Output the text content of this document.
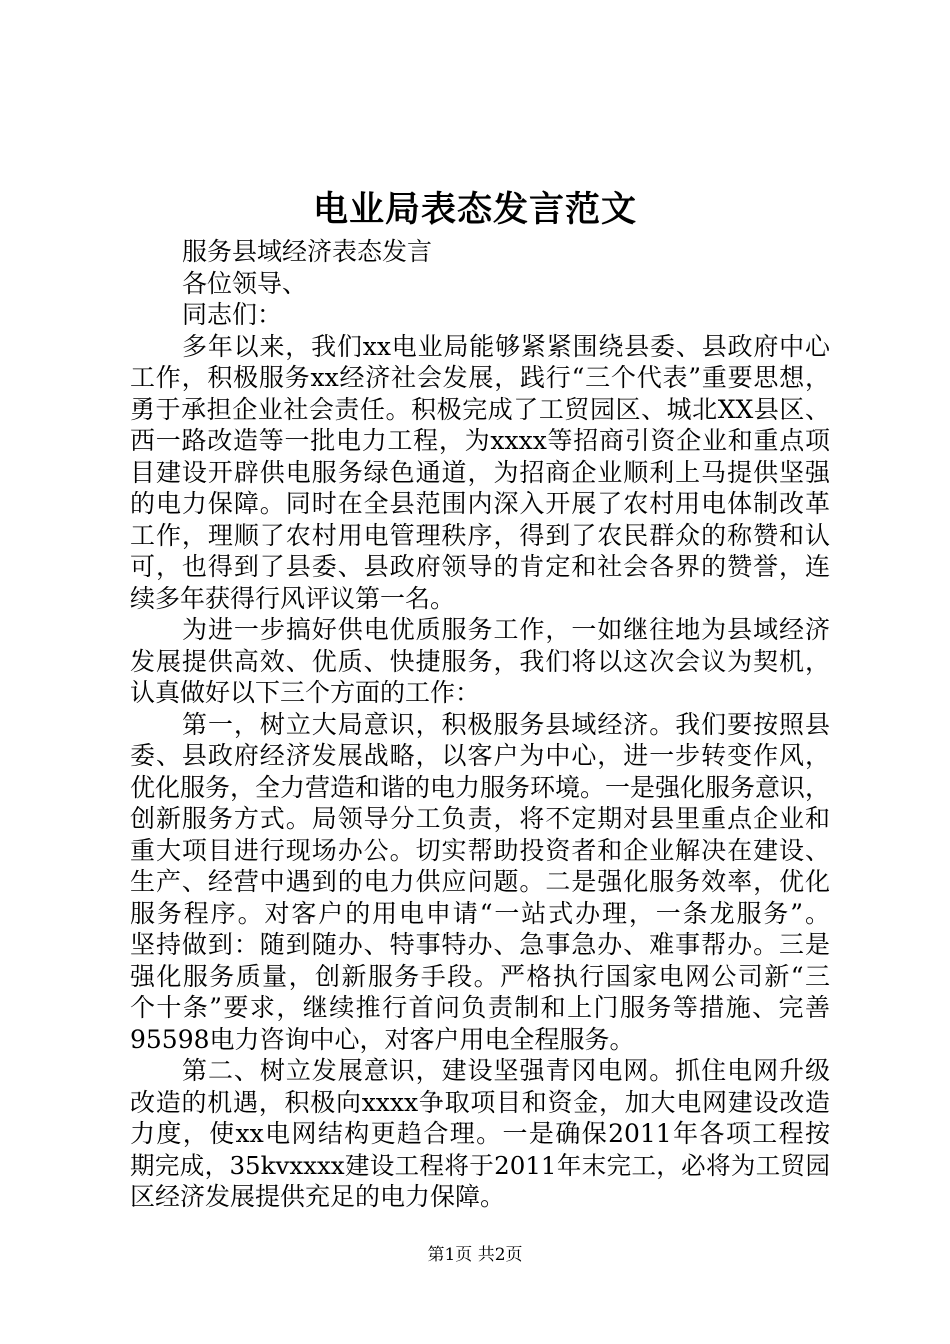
电业局表态发言范文
服务县域经济表态发言
各位领导、
同志们：
多年以来，我们xx电业局能够紧紧围绕县委、县政府中心
工作，积极服务xx经济社会发展，践行“三个代表”重要思想，
勇于承担企业社会责任。积极完成了工贸园区、城北XX县区、
西一路改造等一批电力工程，为xxxx等招商引资企业和重点项
目建设开辟供电服务绿色通道，为招商企业顺利上马提供坚强
的电力保障。同时在全县范围内深入开展了农村用电体制改革
工作，理顺了农村用电管理秩序，得到了农民群众的称赞和认
可，也得到了县委、县政府领导的肯定和社会各界的赞誉，连
续多年获得行风评议第一名。
为进一步搞好供电优质服务工作，一如继往地为县域经济
发展提供高效、优质、快捷服务，我们将以这次会议为契机，
认真做好以下三个方面的工作：
第一，树立大局意识，积极服务县域经济。我们要按照县
委、县政府经济发展战略，以客户为中心，进一步转变作风，
优化服务，全力营造和谐的电力服务环境。一是强化服务意识，
创新服务方式。局领导分工负责，将不定期对县里重点企业和
重大项目进行现场办公。切实帮助投资者和企业解决在建设、
生产、经营中遇到的电力供应问题。二是强化服务效率，优化
服务程序。对客户的用电申请“一站式办理，一条龙服务”。
坚持做到：随到随办、特事特办、急事急办、难事帮办。三是
强化服务质量，创新服务手段。严格执行国家电网公司新“三
个十条”要求，继续推行首问负责制和上门服务等措施、完善
95598电力咨询中心，对客户用电全程服务。
第二、树立发展意识，建设坚强青冈电网。抓住电网升级
改造的机遇，积极向xxxx争取项目和资金，加大电网建设改造
力度，使xx电网结构更趋合理。一是确保2011年各项工程按
期完成，35kvxxxx建设工程将于2011年末完工，必将为工贸园
区经济发展提供充足的电力保障。
第1页 共2页
